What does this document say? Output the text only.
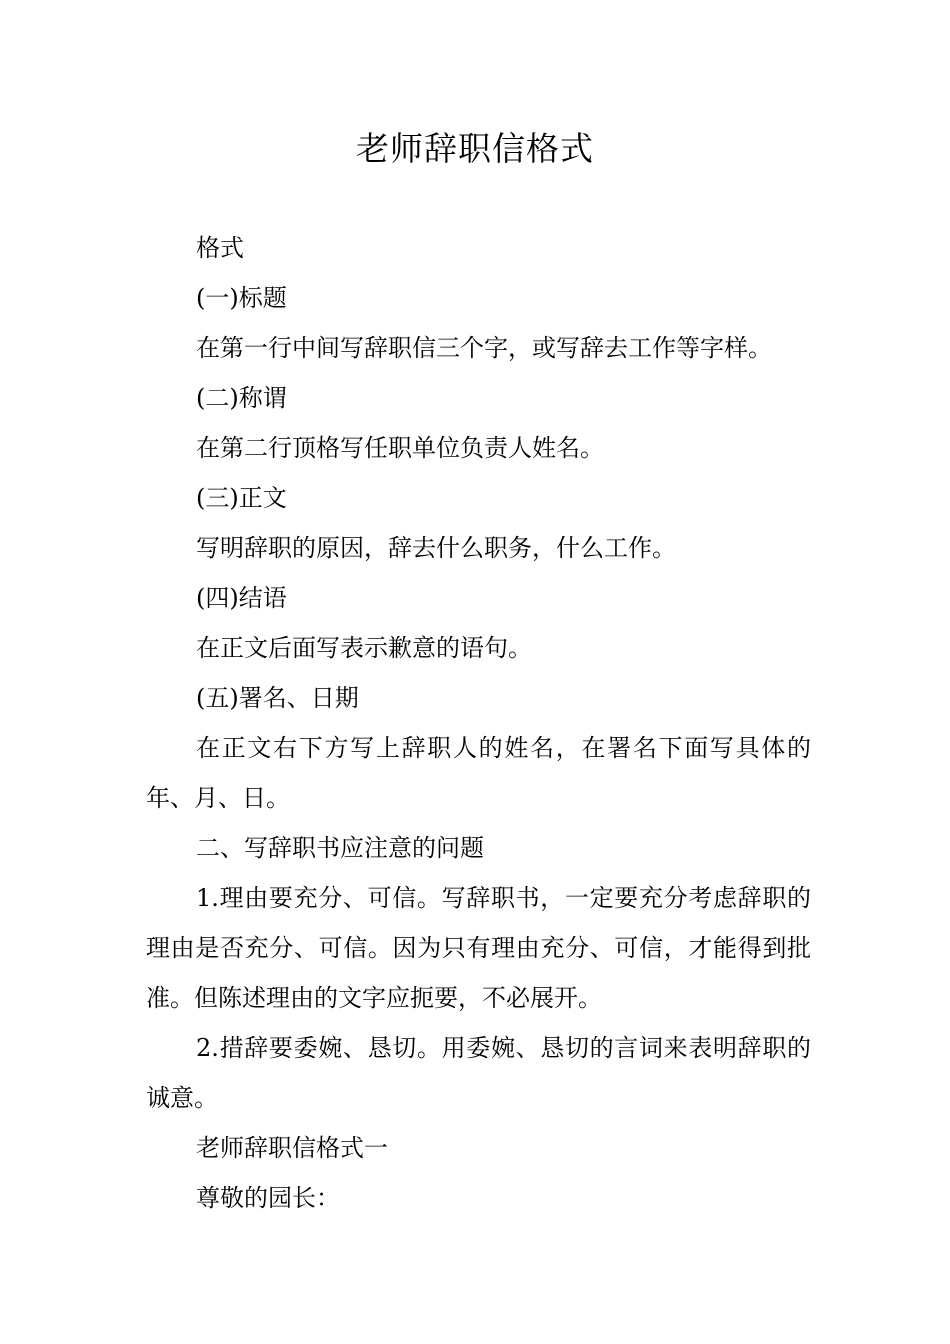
老师辞职信格式

格式

(一)标题

在第一行中间写辞职信三个字，或写辞去工作等字样。

(二)称谓

在第二行顶格写任职单位负责人姓名。

(三)正文

写明辞职的原因，辞去什么职务，什么工作。

(四)结语

在正文后面写表示歉意的语句。

(五)署名、日期

在正文右下方写上辞职人的姓名，在署名下面写具体的年、月、日。

二、写辞职书应注意的问题

1.理由要充分、可信。写辞职书，一定要充分考虑辞职的理由是否充分、可信。因为只有理由充分、可信，才能得到批准。但陈述理由的文字应扼要，不必展开。

2.措辞要委婉、恳切。用委婉、恳切的言词来表明辞职的诚意。

老师辞职信格式一

尊敬的园长：
